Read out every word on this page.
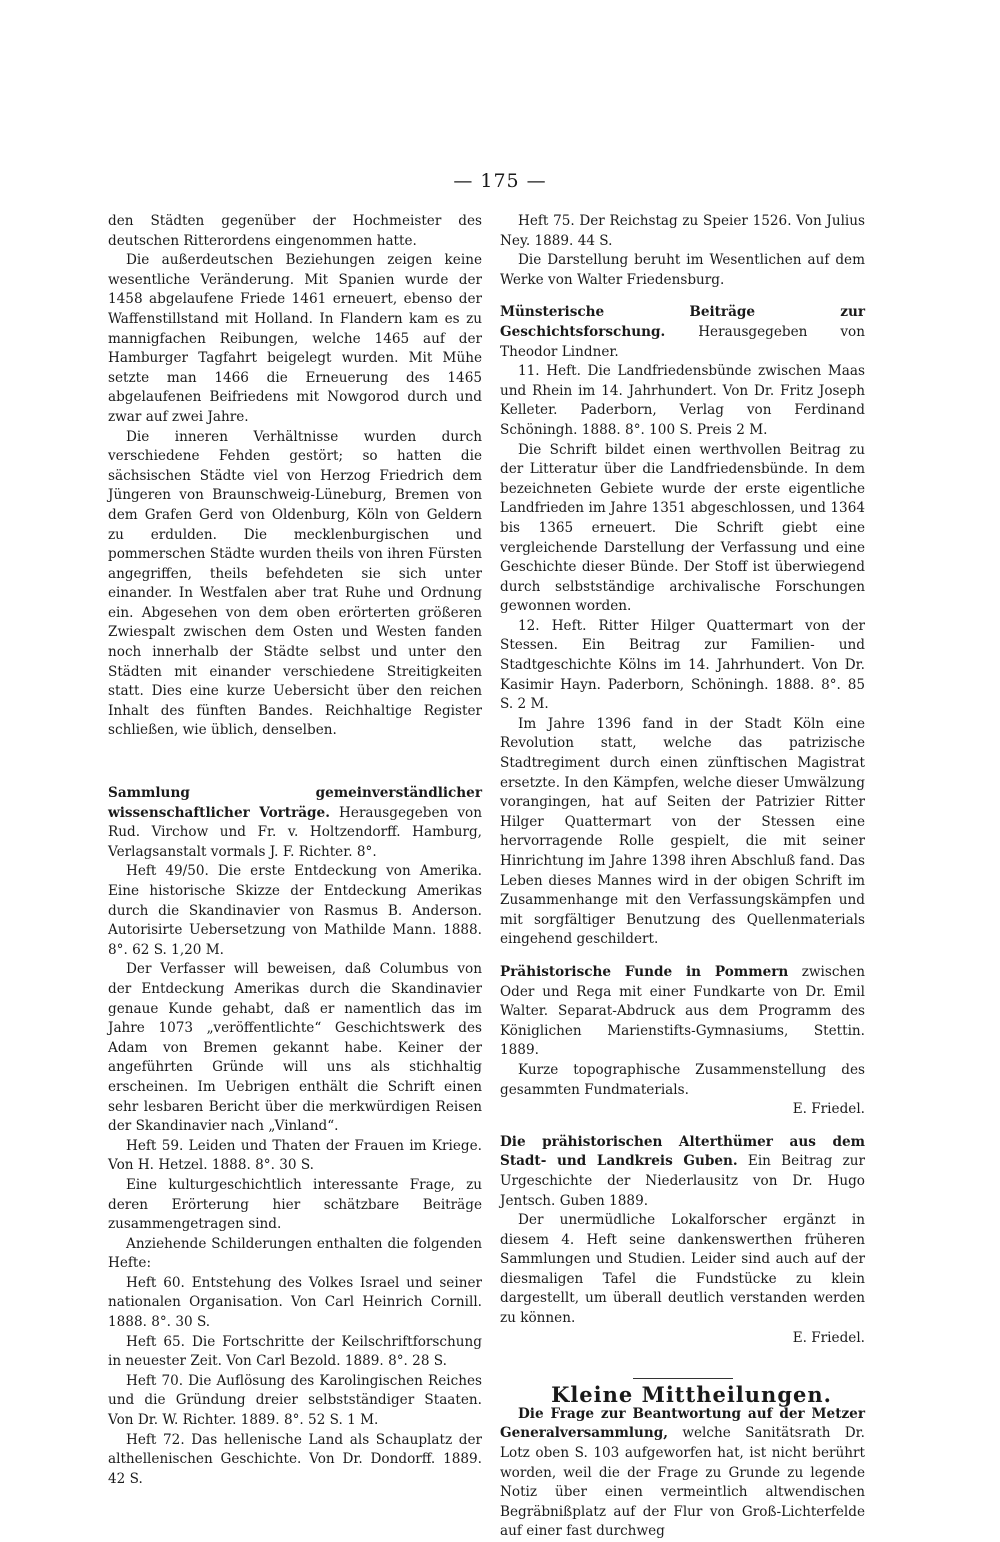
— 175 —

den Städten gegenüber der Hochmeister des deutschen Ritterordens eingenommen hatte.

Die außerdeutschen Beziehungen zeigen keine wesentliche Veränderung. Mit Spanien wurde der 1458 abgelaufene Friede 1461 erneuert, ebenso der Waffenstillstand mit Holland. In Flandern kam es zu mannigfachen Reibungen, welche 1465 auf der Hamburger Tagfahrt beigelegt wurden. Mit Mühe setzte man 1466 die Erneuerung des 1465 abgelaufenen Beifriedens mit Nowgorod durch und zwar auf zwei Jahre.

Die inneren Verhältnisse wurden durch verschiedene Fehden gestört; so hatten die sächsischen Städte viel von Herzog Friedrich dem Jüngeren von Braunschweig-Lüneburg, Bremen von dem Grafen Gerd von Oldenburg, Köln von Geldern zu erdulden. Die mecklenburgischen und pommerschen Städte wurden theils von ihren Fürsten angegriffen, theils befehdeten sie sich unter einander. In Westfalen aber trat Ruhe und Ordnung ein. Abgesehen von dem oben erörterten größeren Zwiespalt zwischen dem Osten und Westen fanden noch innerhalb der Städte selbst und unter den Städten mit einander verschiedene Streitigkeiten statt. Dies eine kurze Uebersicht über den reichen Inhalt des fünften Bandes. Reichhaltige Register schließen, wie üblich, denselben.

Sammlung gemeinverständlicher wissenschaftlicher Vorträge. Herausgegeben von Rud. Virchow und Fr. v. Holtzendorff. Hamburg, Verlagsanstalt vormals J. F. Richter. 8°.

Heft 49/50. Die erste Entdeckung von Amerika. Eine historische Skizze der Entdeckung Amerikas durch die Skandinavier von Rasmus B. Anderson. Autorisirte Uebersetzung von Mathilde Mann. 1888. 8°. 62 S. 1,20 M.

Der Verfasser will beweisen, daß Columbus von der Entdeckung Amerikas durch die Skandinavier genaue Kunde gehabt, daß er namentlich das im Jahre 1073 „veröffentlichte“ Geschichtswerk des Adam von Bremen gekannt habe. Keiner der angeführten Gründe will uns als stichhaltig erscheinen. Im Uebrigen enthält die Schrift einen sehr lesbaren Bericht über die merkwürdigen Reisen der Skandinavier nach „Vinland“.

Heft 59. Leiden und Thaten der Frauen im Kriege. Von H. Hetzel. 1888. 8°. 30 S.

Eine kulturgeschichtlich interessante Frage, zu deren Erörterung hier schätzbare Beiträge zusammengetragen sind.

Anziehende Schilderungen enthalten die folgenden Hefte:

Heft 60. Entstehung des Volkes Israel und seiner nationalen Organisation. Von Carl Heinrich Cornill. 1888. 8°. 30 S.

Heft 65. Die Fortschritte der Keilschriftforschung in neuester Zeit. Von Carl Bezold. 1889. 8°. 28 S.

Heft 70. Die Auflösung des Karolingischen Reiches und die Gründung dreier selbstständiger Staaten. Von Dr. W. Richter. 1889. 8°. 52 S. 1 M.

Heft 72. Das hellenische Land als Schauplatz der althellenischen Geschichte. Von Dr. Dondorff. 1889. 42 S.

Heft 75. Der Reichstag zu Speier 1526. Von Julius Ney. 1889. 44 S.

Die Darstellung beruht im Wesentlichen auf dem Werke von Walter Friedensburg.

Münsterische Beiträge zur Geschichtsforschung. Herausgegeben von Theodor Lindner.

11. Heft. Die Landfriedensbünde zwischen Maas und Rhein im 14. Jahrhundert. Von Dr. Fritz Joseph Kelleter. Paderborn, Verlag von Ferdinand Schöningh. 1888. 8°. 100 S. Preis 2 M.

Die Schrift bildet einen werthvollen Beitrag zu der Litteratur über die Landfriedensbünde. In dem bezeichneten Gebiete wurde der erste eigentliche Landfrieden im Jahre 1351 abgeschlossen, und 1364 bis 1365 erneuert. Die Schrift giebt eine vergleichende Darstellung der Verfassung und eine Geschichte dieser Bünde. Der Stoff ist überwiegend durch selbstständige archivalische Forschungen gewonnen worden.

12. Heft. Ritter Hilger Quattermart von der Stessen. Ein Beitrag zur Familien- und Stadtgeschichte Kölns im 14. Jahrhundert. Von Dr. Kasimir Hayn. Paderborn, Schöningh. 1888. 8°. 85 S. 2 M.

Im Jahre 1396 fand in der Stadt Köln eine Revolution statt, welche das patrizische Stadtregiment durch einen zünftischen Magistrat ersetzte. In den Kämpfen, welche dieser Umwälzung vorangingen, hat auf Seiten der Patrizier Ritter Hilger Quattermart von der Stessen eine hervorragende Rolle gespielt, die mit seiner Hinrichtung im Jahre 1398 ihren Abschluß fand. Das Leben dieses Mannes wird in der obigen Schrift im Zusammenhange mit den Verfassungskämpfen und mit sorgfältiger Benutzung des Quellenmaterials eingehend geschildert.

Prähistorische Funde in Pommern zwischen Oder und Rega mit einer Fundkarte von Dr. Emil Walter. Separat-Abdruck aus dem Programm des Königlichen Marienstifts-Gymnasiums, Stettin. 1889.

Kurze topographische Zusammenstellung des gesammten Fundmaterials.

E. Friedel.

Die prähistorischen Alterthümer aus dem Stadt- und Landkreis Guben. Ein Beitrag zur Urgeschichte der Niederlausitz von Dr. Hugo Jentsch. Guben 1889.

Der unermüdliche Lokalforscher ergänzt in diesem 4. Heft seine dankenswerthen früheren Sammlungen und Studien. Leider sind auch auf der diesmaligen Tafel die Fundstücke zu klein dargestellt, um überall deutlich verstanden werden zu können.

E. Friedel.

Kleine Mittheilungen.

Die Frage zur Beantwortung auf der Metzer Generalversammlung, welche Sanitätsrath Dr. Lotz oben S. 103 aufgeworfen hat, ist nicht berührt worden, weil die der Frage zu Grunde zu legende Notiz über einen vermeintlich altwendischen Begräbnißplatz auf der Flur von Groß-Lichterfelde auf einer fast durchweg
